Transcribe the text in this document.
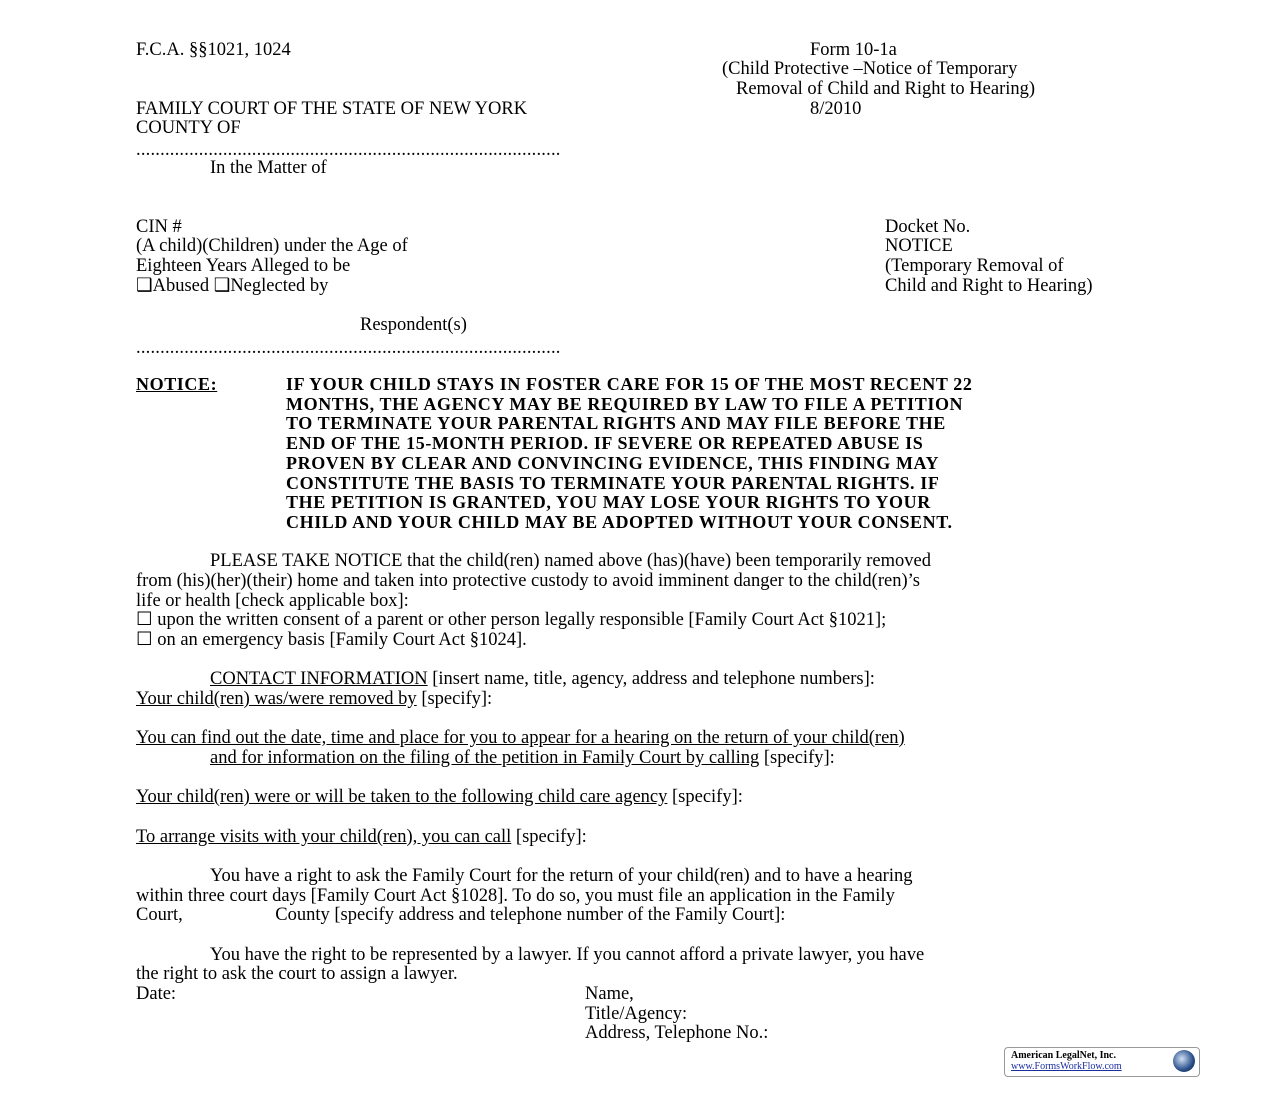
F.C.A. §§1021, 1024	Form 10-1a
(Child Protective –Notice of Temporary
Removal of Child and Right to Hearing)
FAMILY COURT OF THE STATE OF NEW YORK	8/2010
COUNTY OF
........................................................................................
In the Matter of
CIN #
(A child)(Children) under the Age of
Eighteen Years Alleged to be
❑Abused ❑Neglected by
Respondent(s)
........................................................................................
Docket No.
NOTICE
(Temporary Removal of
Child and Right to Hearing)
NOTICE:	IF YOUR CHILD STAYS IN FOSTER CARE FOR 15 OF THE MOST RECENT 22
MONTHS, THE AGENCY MAY BE REQUIRED BY LAW TO FILE A PETITION
TO TERMINATE YOUR PARENTAL RIGHTS AND MAY FILE BEFORE THE
END OF THE 15-MONTH PERIOD. IF SEVERE OR REPEATED ABUSE IS
PROVEN BY CLEAR AND CONVINCING EVIDENCE, THIS FINDING MAY
CONSTITUTE THE BASIS TO TERMINATE YOUR PARENTAL RIGHTS. IF
THE PETITION IS GRANTED, YOU MAY LOSE YOUR RIGHTS TO YOUR
CHILD AND YOUR CHILD MAY BE ADOPTED WITHOUT YOUR CONSENT.
PLEASE TAKE NOTICE that the child(ren) named above (has)(have) been temporarily removed
from (his)(her)(their) home and taken into protective custody to avoid imminent danger to the child(ren)’s
life or health [check applicable box]:
☐ upon the written consent of a parent or other person legally responsible [Family Court Act §1021];
☐ on an emergency basis [Family Court Act §1024].
CONTACT INFORMATION [insert name, title, agency, address and telephone numbers]:
Your child(ren) was/were removed by [specify]:
You can find out the date, time and place for you to appear for a hearing on the return of your child(ren)
and for information on the filing of the petition in Family Court by calling [specify]:
Your child(ren) were or will be taken to the following child care agency [specify]:
To arrange visits with your child(ren), you can call [specify]:
You have a right to ask the Family Court for the return of your child(ren) and to have a hearing
within three court days [Family Court Act §1028]. To do so, you must file an application in the Family
Court,                    County [specify address and telephone number of the Family Court]:
You have the right to be represented by a lawyer. If you cannot afford a private lawyer, you have
the right to ask the court to assign a lawyer.
Date:	Name,
Title/Agency:
Address, Telephone No.:
American LegalNet, Inc.
www.FormsWorkFlow.com
